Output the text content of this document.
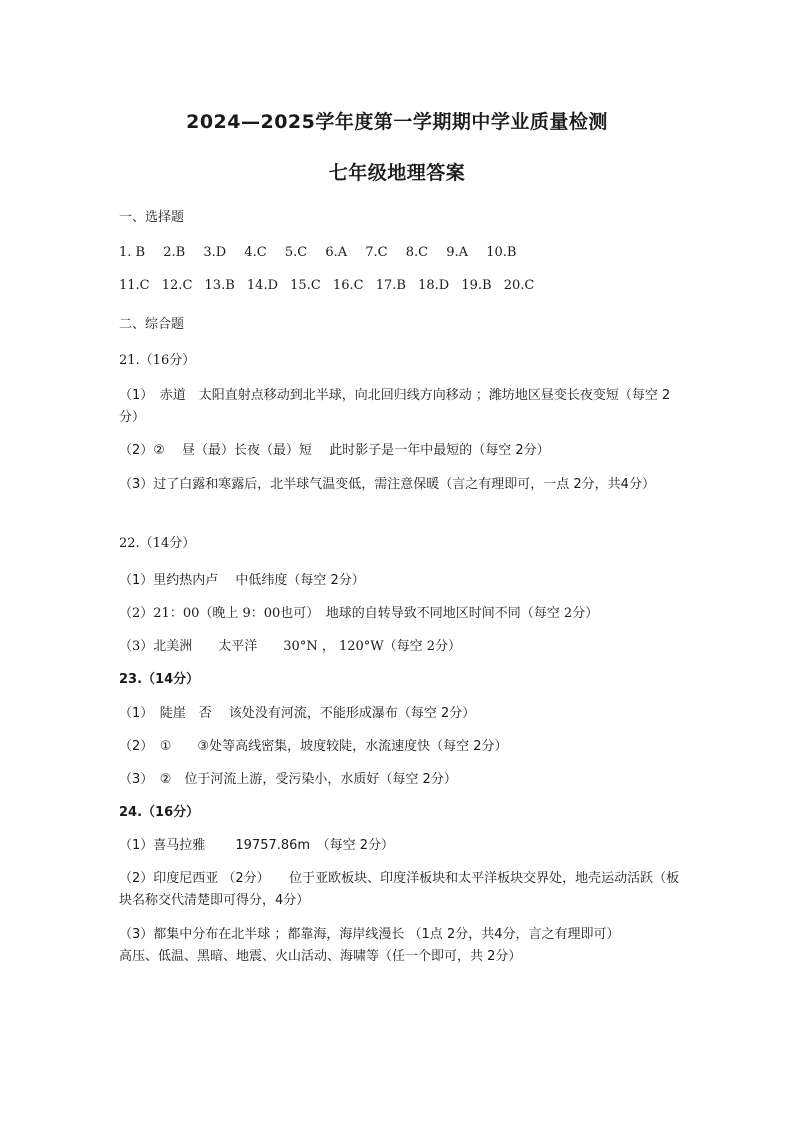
2024—2025学年度第一学期期中学业质量检测
七年级地理答案
一、选择题
1. B 2.B 3.D 4.C 5.C 6.A 7.C 8.C 9.A 10.B
11.C 12.C 13.B 14.D 15.C 16.C 17.B 18.D 19.B 20.C
二、综合题
21.（16分）
（1）　赤道　太阳直射点移动到北半球，向北回归线方向移动 ；潍坊地区昼变长夜变短（每空 2分）
（2）②　 昼（最）长夜（最）短　 此时影子是一年中最短的（每空 2分）
（3）过了白露和寒露后，北半球气温变低，需注意保暖（言之有理即可，一点 2分，共4分）
22.（14分）
（1）里约热内卢　 中低纬度（每空 2分）
（2）21：00（晚上 9：00也可）　地球的自转导致不同地区时间不同（每空 2分）
（3）北美洲　　太平洋　　30°N ， 120°W（每空 2分）
23.（14分）
（1）　陡崖　否　 该处没有河流，不能形成瀑布（每空 2分）
（2）　①　　③处等高线密集，坡度较陡，水流速度快（每空 2分）
（3）　②　位于河流上游，受污染小，水质好（每空 2分）
24.（16分）
（1）喜马拉雅　　 19757.86m　（每空 2分）
（2）印度尼西亚 （2分）　　位于亚欧板块、印度洋板块和太平洋板块交界处，地壳运动活跃（板块名称交代清楚即可得分，4分）
（3）都集中分布在北半球 ；都靠海，海岸线漫长 （1点 2分，共4分，言之有理即可）
高压、低温、黑暗、地震、火山活动、海啸等（任一个即可，共 2分）
